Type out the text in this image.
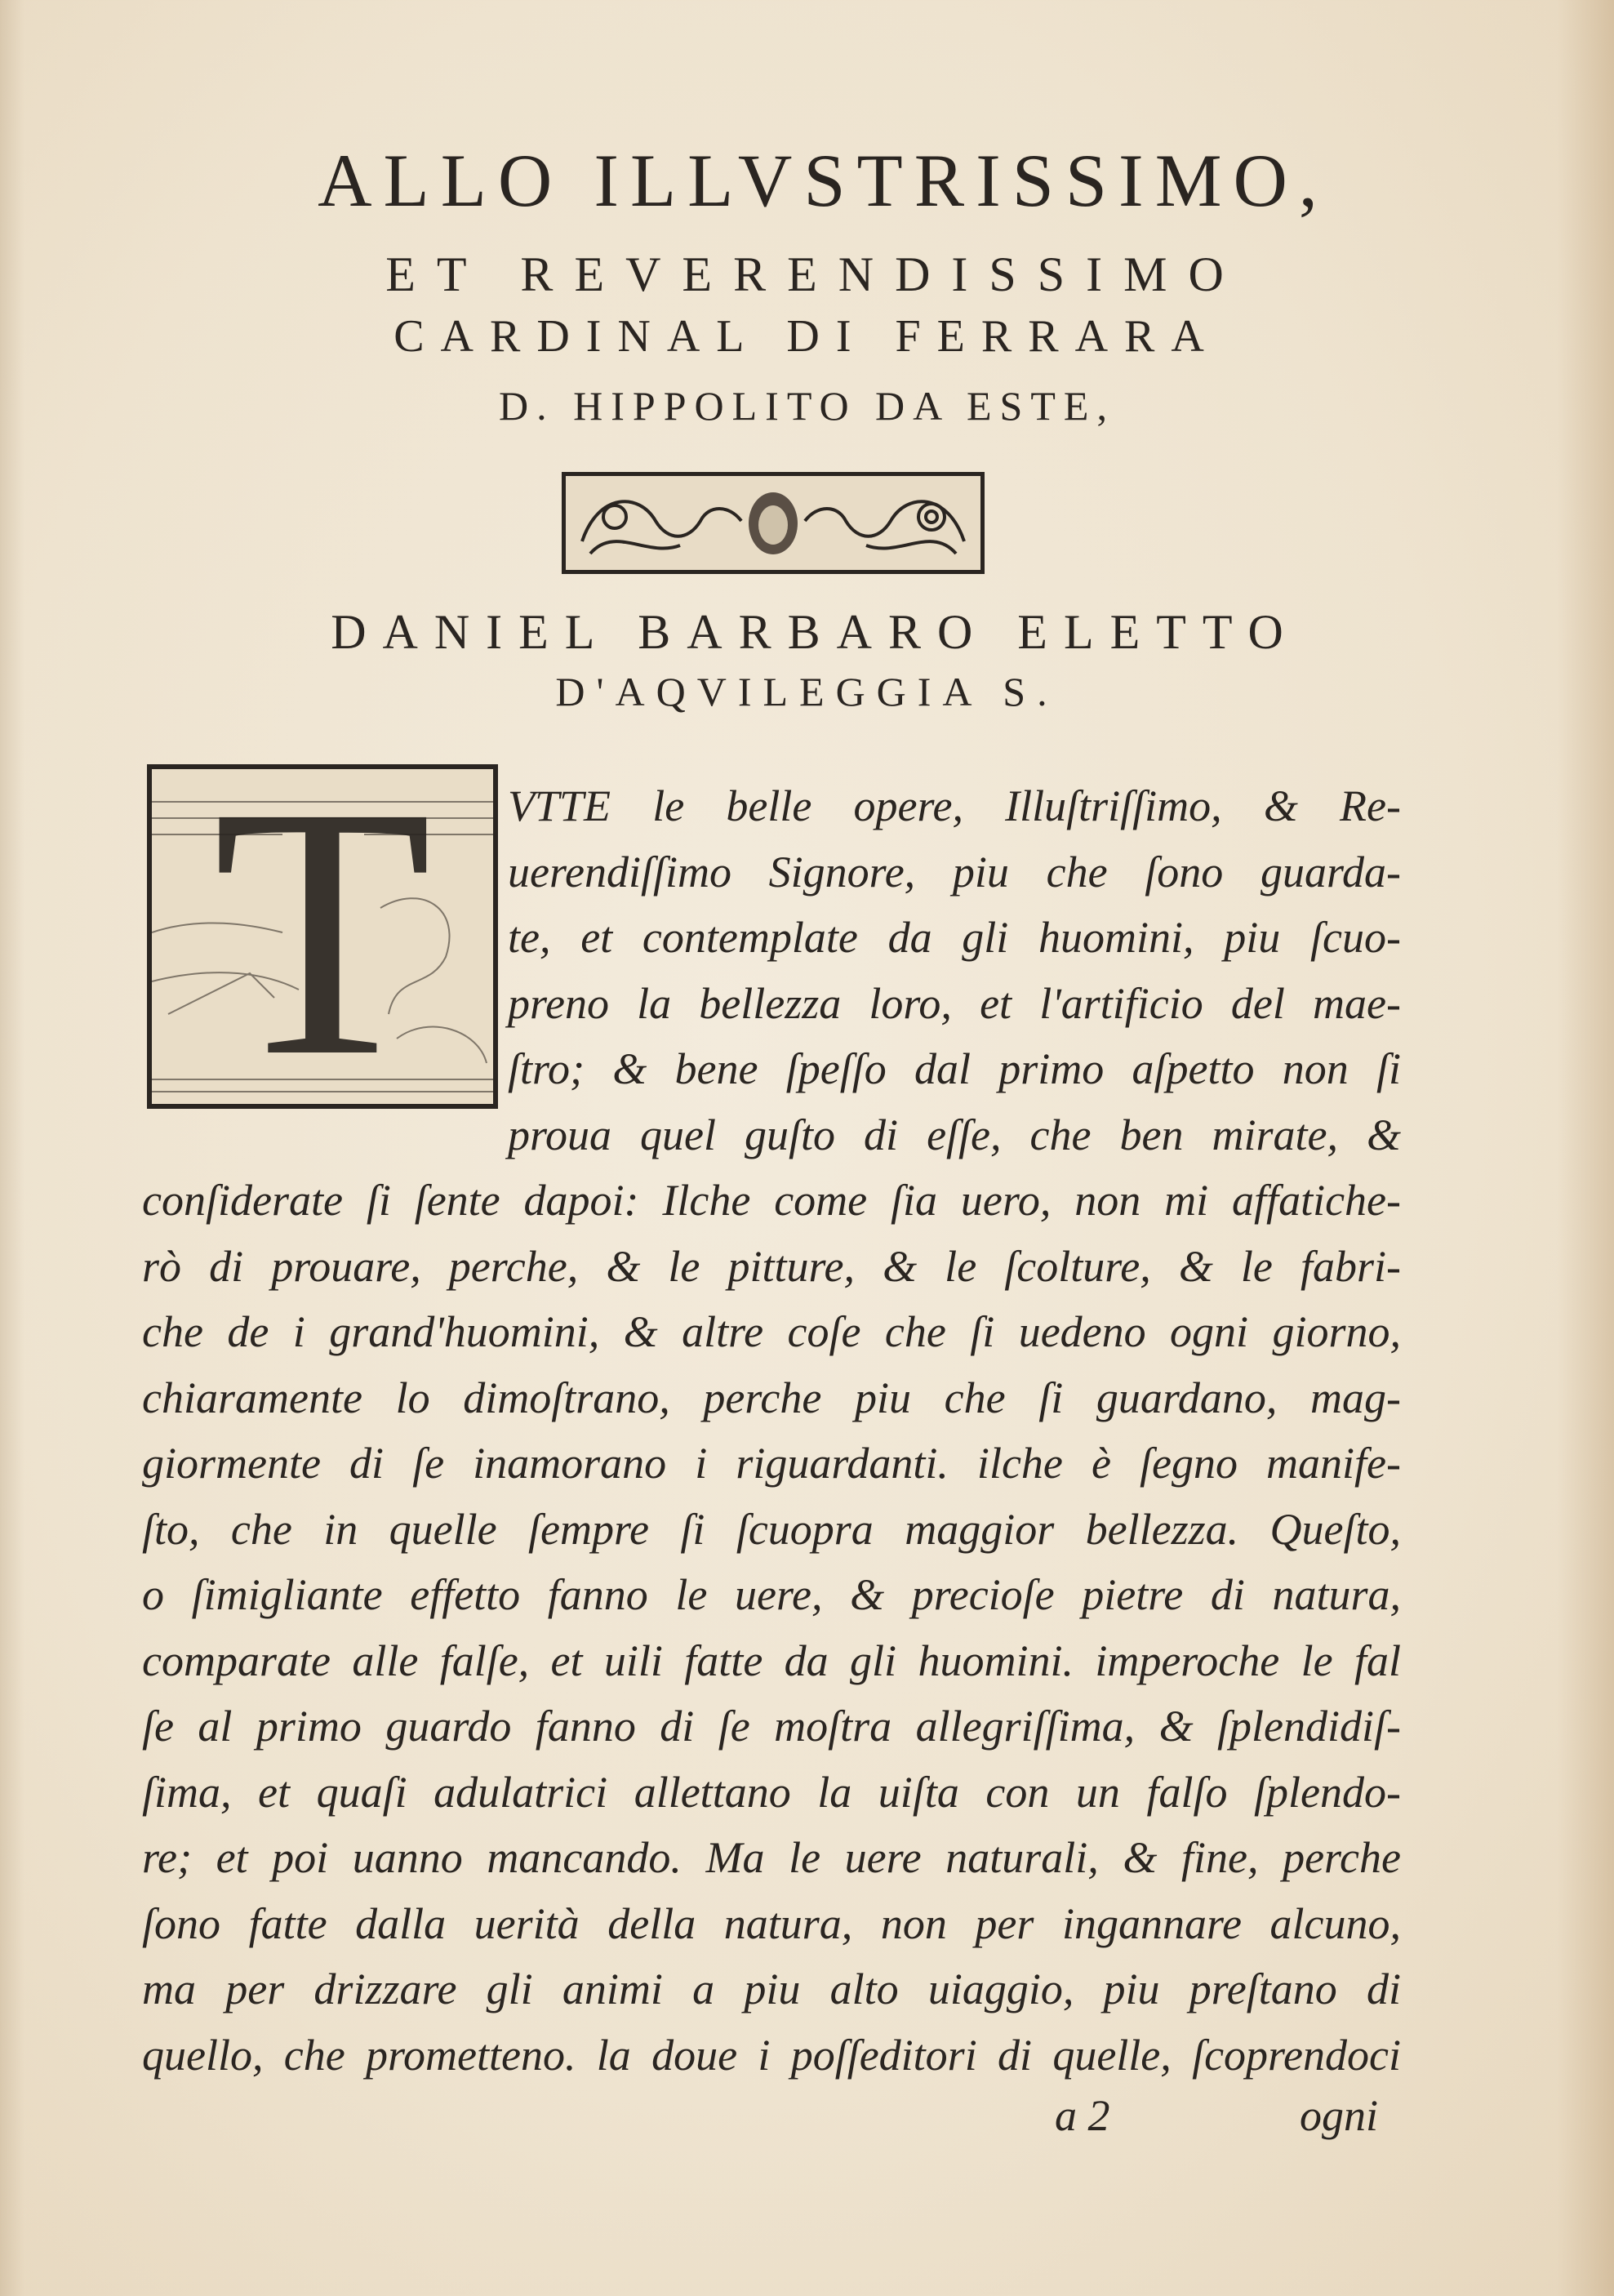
ALLO ILLVSTRISSIMO,
ET REVERENDISSIMO
CARDINAL DI FERRARA
D. HIPPOLITO DA ESTE,
DANIEL BARBARO ELETTO
D'AQVILEGGIA S.
T	VTTE le belle opere, Illuſtriſſimo, & Re-
uerendiſſimo Signore, piu che ſono guarda-
te, et contemplate da gli huomini, piu ſcuo-
preno la bellezza loro, et l'artificio del mae-
ſtro; & bene ſpeſſo dal primo aſpetto non ſi
proua quel guſto di eſſe, che ben mirate, &
conſiderate ſi ſente dapoi: Ilche come ſia uero, non mi affatiche-
rò di prouare, perche, & le pitture, & le ſcolture, & le fabri-
che de i grand'huomini, & altre coſe che ſi uedeno ogni giorno,
chiaramente lo dimoſtrano, perche piu che ſi guardano, mag-
giormente di ſe inamorano i riguardanti. ilche è ſegno manife-
ſto, che in quelle ſempre ſi ſcuopra maggior bellezza. Queſto,
o ſimigliante effetto fanno le uere, & precioſe pietre di natura,
comparate alle falſe, et uili fatte da gli huomini. imperoche le fal
ſe al primo guardo fanno di ſe moſtra allegriſſima, & ſplendidiſ-
ſima, et quaſi adulatrici allettano la uiſta con un falſo ſplendo-
re; et poi uanno mancando. Ma le uere naturali, & fine, perche
ſono fatte dalla uerità della natura, non per ingannare alcuno,
ma per drizzare gli animi a piu alto uiaggio, piu preſtano di
quello, che prometteno. la doue i poſſeditori di quelle, ſcoprendoci
a 2	ogni
